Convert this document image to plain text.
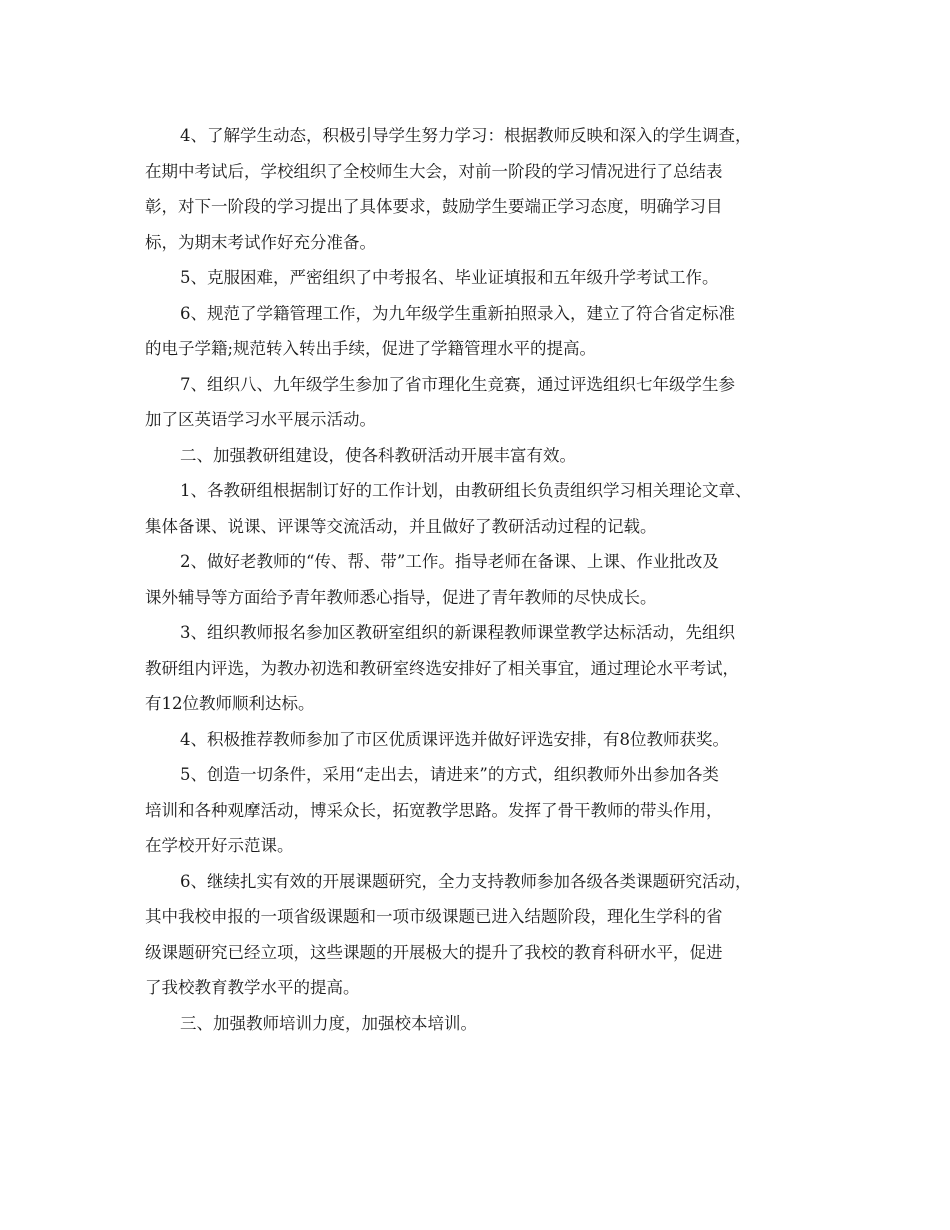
4、了解学生动态，积极引导学生努力学习：根据教师反映和深入的学生调查，
在期中考试后，学校组织了全校师生大会，对前一阶段的学习情况进行了总结表
彰，对下一阶段的学习提出了具体要求，鼓励学生要端正学习态度，明确学习目
标，为期末考试作好充分准备。

5、克服困难，严密组织了中考报名、毕业证填报和五年级升学考试工作。

6、规范了学籍管理工作，为九年级学生重新拍照录入，建立了符合省定标准
的电子学籍;规范转入转出手续，促进了学籍管理水平的提高。

7、组织八、九年级学生参加了省市理化生竞赛，通过评选组织七年级学生参
加了区英语学习水平展示活动。

二、加强教研组建设，使各科教研活动开展丰富有效。

1、各教研组根据制订好的工作计划，由教研组长负责组织学习相关理论文章、
集体备课、说课、评课等交流活动，并且做好了教研活动过程的记载。

2、做好老教师的“传、帮、带”工作。指导老师在备课、上课、作业批改及
课外辅导等方面给予青年教师悉心指导，促进了青年教师的尽快成长。

3、组织教师报名参加区教研室组织的新课程教师课堂教学达标活动，先组织
教研组内评选，为教办初选和教研室终选安排好了相关事宜，通过理论水平考试，
有12位教师顺利达标。

4、积极推荐教师参加了市区优质课评选并做好评选安排，有8位教师获奖。

5、创造一切条件，采用“走出去，请进来”的方式，组织教师外出参加各类
培训和各种观摩活动，博采众长，拓宽教学思路。发挥了骨干教师的带头作用，
在学校开好示范课。

6、继续扎实有效的开展课题研究，全力支持教师参加各级各类课题研究活动，
其中我校申报的一项省级课题和一项市级课题已进入结题阶段，理化生学科的省
级课题研究已经立项，这些课题的开展极大的提升了我校的教育科研水平，促进
了我校教育教学水平的提高。

三、加强教师培训力度，加强校本培训。
